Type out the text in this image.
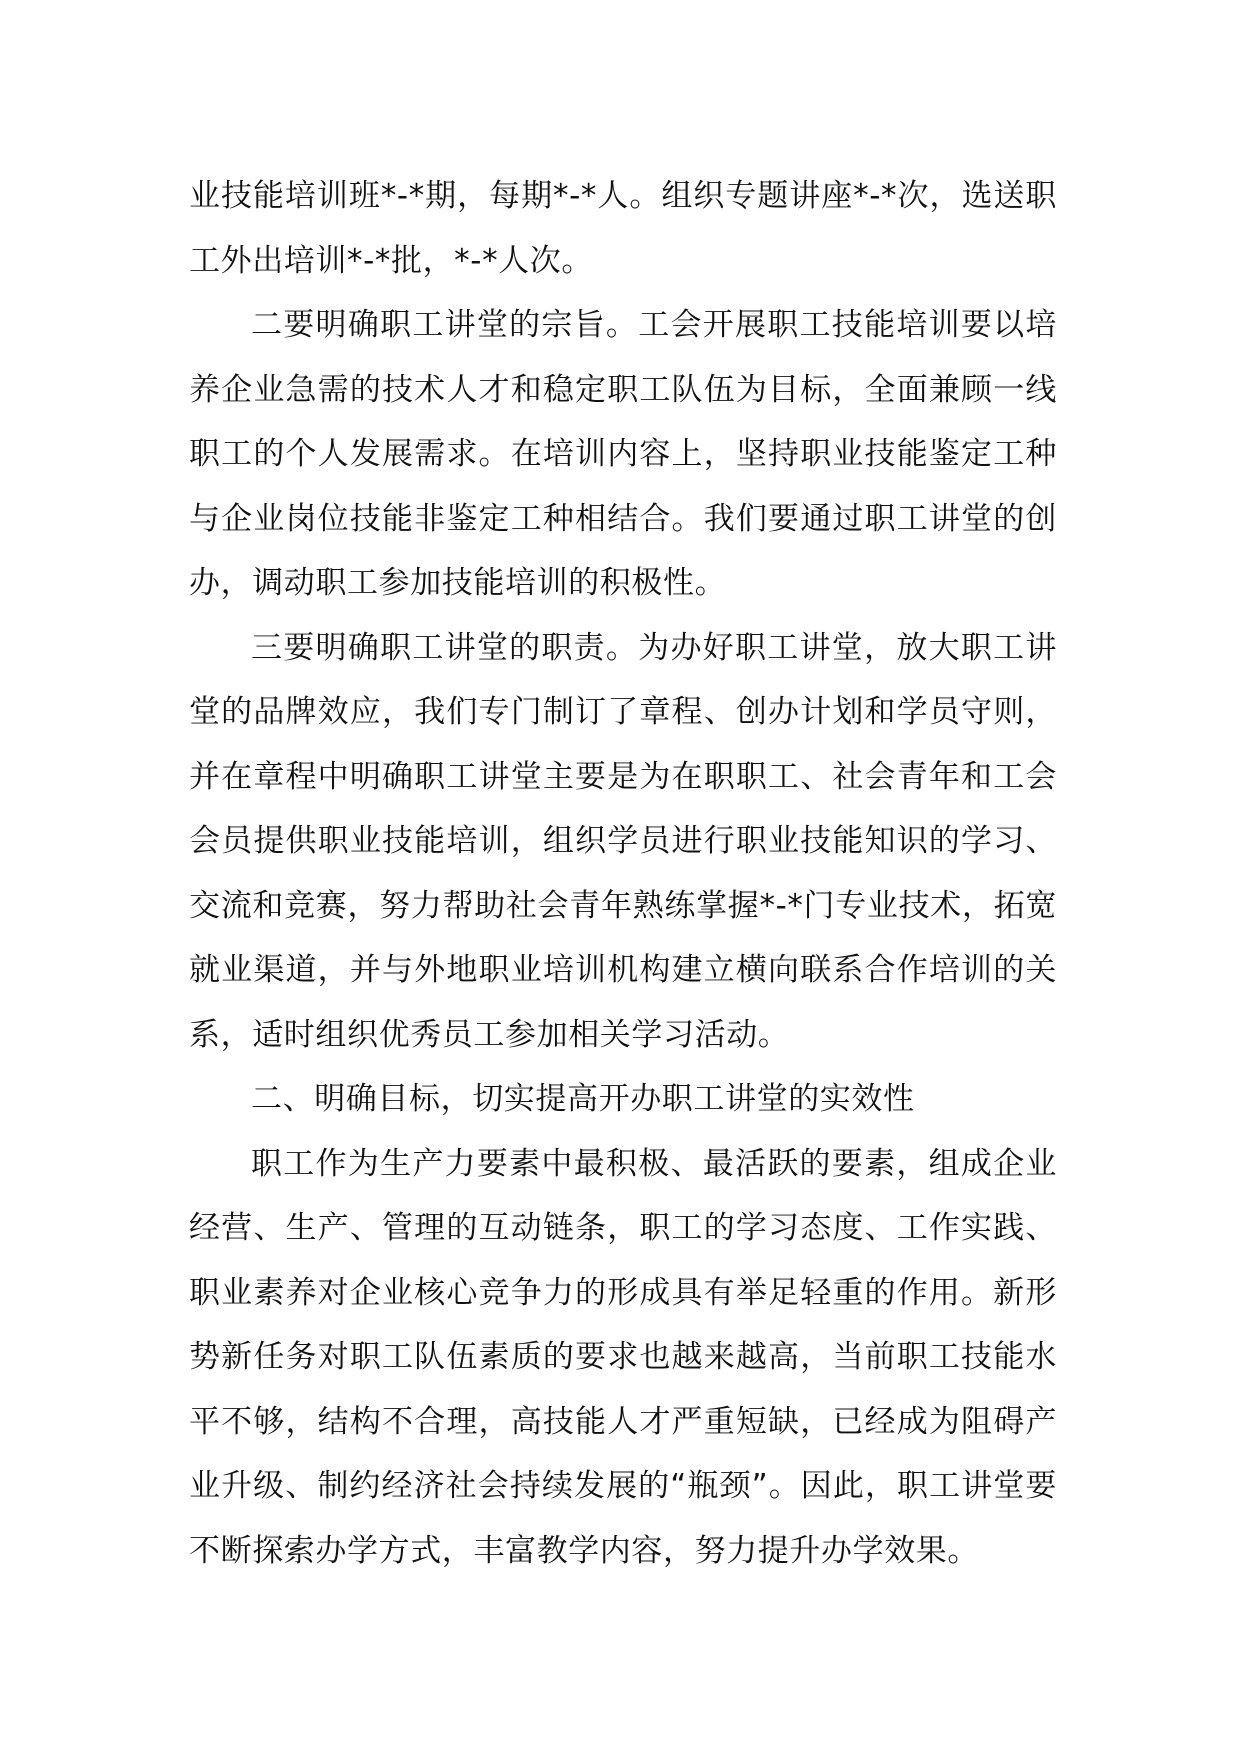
业技能培训班*-*期，每期*-*人。组织专题讲座*-*次，选送职工外出培训*-*批，*-*人次。

二要明确职工讲堂的宗旨。工会开展职工技能培训要以培养企业急需的技术人才和稳定职工队伍为目标，全面兼顾一线职工的个人发展需求。在培训内容上，坚持职业技能鉴定工种与企业岗位技能非鉴定工种相结合。我们要通过职工讲堂的创办，调动职工参加技能培训的积极性。

三要明确职工讲堂的职责。为办好职工讲堂，放大职工讲堂的品牌效应，我们专门制订了章程、创办计划和学员守则，并在章程中明确职工讲堂主要是为在职职工、社会青年和工会会员提供职业技能培训，组织学员进行职业技能知识的学习、交流和竞赛，努力帮助社会青年熟练掌握*-*门专业技术，拓宽就业渠道，并与外地职业培训机构建立横向联系合作培训的关系，适时组织优秀员工参加相关学习活动。

二、明确目标，切实提高开办职工讲堂的实效性

职工作为生产力要素中最积极、最活跃的要素，组成企业经营、生产、管理的互动链条，职工的学习态度、工作实践、职业素养对企业核心竞争力的形成具有举足轻重的作用。新形势新任务对职工队伍素质的要求也越来越高，当前职工技能水平不够，结构不合理，高技能人才严重短缺，已经成为阻碍产业升级、制约经济社会持续发展的“瓶颈”。因此，职工讲堂要不断探索办学方式，丰富教学内容，努力提升办学效果。
